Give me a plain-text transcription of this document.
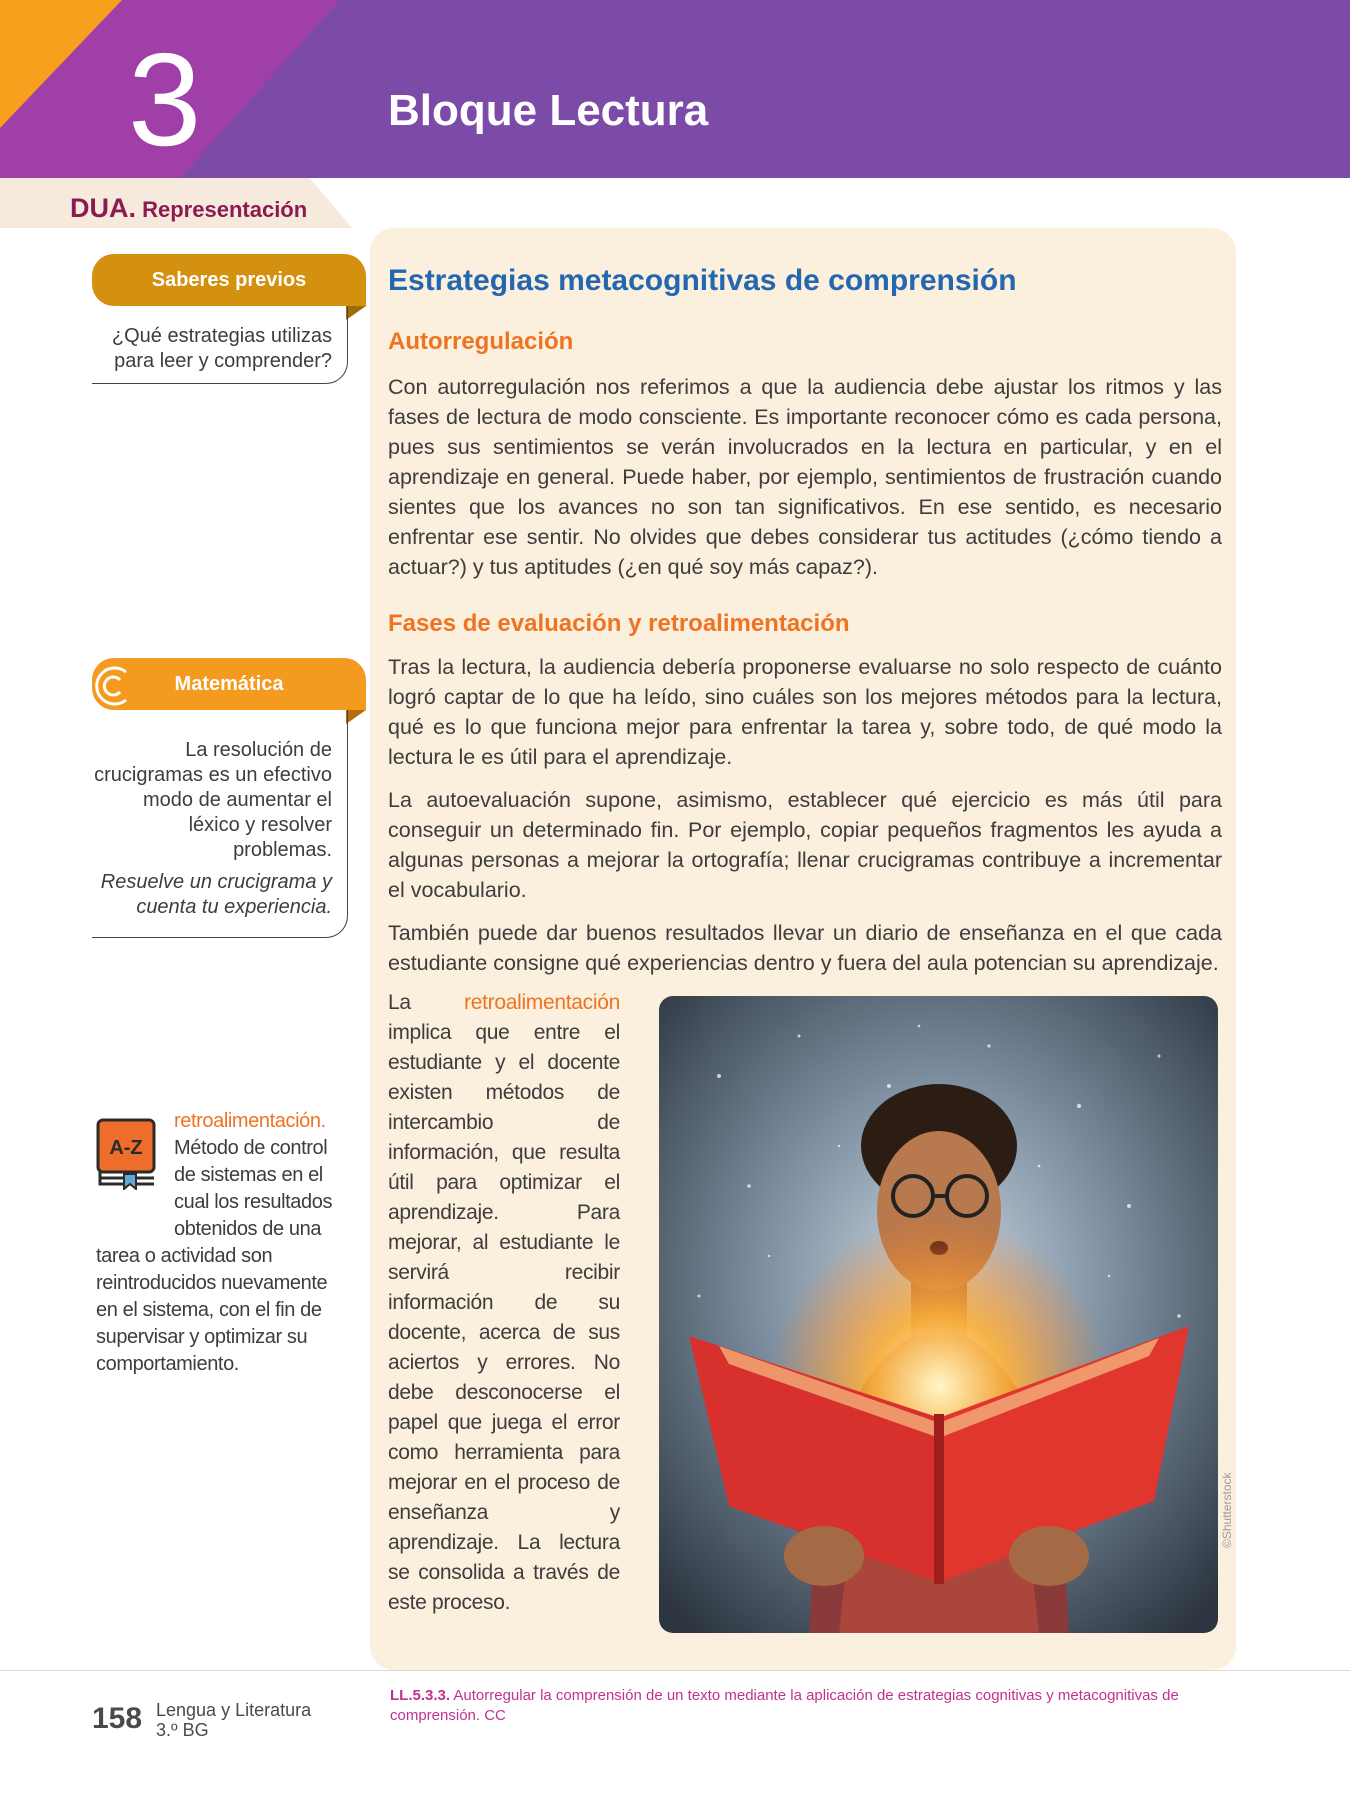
3	Bloque Lectura
DUA. Representación
Estrategias metacognitivas de comprensión
Autorregulación

Con autorregulación nos referimos a que la audiencia debe ajustar los ritmos y las fases de lectura de modo consciente. Es importante reconocer cómo es cada persona, pues sus sentimientos se verán involucrados en la lectura en particular, y en el aprendizaje en general. Puede haber, por ejemplo, sentimientos de frustración cuando sientes que los avances no son tan significativos. En ese sentido, es necesario enfrentar ese sentir. No olvides que debes considerar tus actitudes (¿cómo tiendo a actuar?) y tus aptitudes (¿en qué soy más capaz?).

Fases de evaluación y retroalimentación

Tras la lectura, la audiencia debería proponerse evaluarse no solo respecto de cuánto logró captar de lo que ha leído, sino cuáles son los mejores métodos para la lectura, qué es lo que funciona mejor para enfrentar la tarea y, sobre todo, de qué modo la lectura le es útil para el aprendizaje.

La autoevaluación supone, asimismo, establecer qué ejercicio es más útil para conseguir un determinado fin. Por ejemplo, copiar pequeños fragmentos les ayuda a algunas personas a mejorar la ortografía; llenar crucigramas contribuye a incrementar el vocabulario.

También puede dar buenos resultados llevar un diario de enseñanza en el que cada estudiante consigne qué experiencias dentro y fuera del aula potencian su aprendizaje.

La	retroalimentación implica que entre el estudiante y el docente existen métodos de intercambio de información, que resulta útil para optimizar el aprendizaje. Para mejorar, al estudiante le servirá recibir información de su docente, acerca de sus aciertos y errores. No debe desconocerse el papel que juega el error como herramienta para mejorar en el proceso de enseñanza y aprendizaje. La lectura se consolida a través de este proceso.

©Shutterstock
Saberes previos

¿Qué estrategias utilizas para leer y comprender?

Matemática

La resolución de crucigramas es un efectivo modo de aumentar el léxico y resolver problemas.

Resuelve un crucigrama y cuenta tu experiencia.

A-Z

retroalimentación. Método de control de sistemas en el cual los resultados obtenidos de una tarea o actividad son reintroducidos nuevamente en el sistema, con el fin de supervisar y optimizar su comportamiento.

158 Lengua y Literatura
3.º BG

LL.5.3.3. Autorregular la comprensión de un texto mediante la aplicación de estrategias cognitivas y metacognitivas de comprensión. CC
